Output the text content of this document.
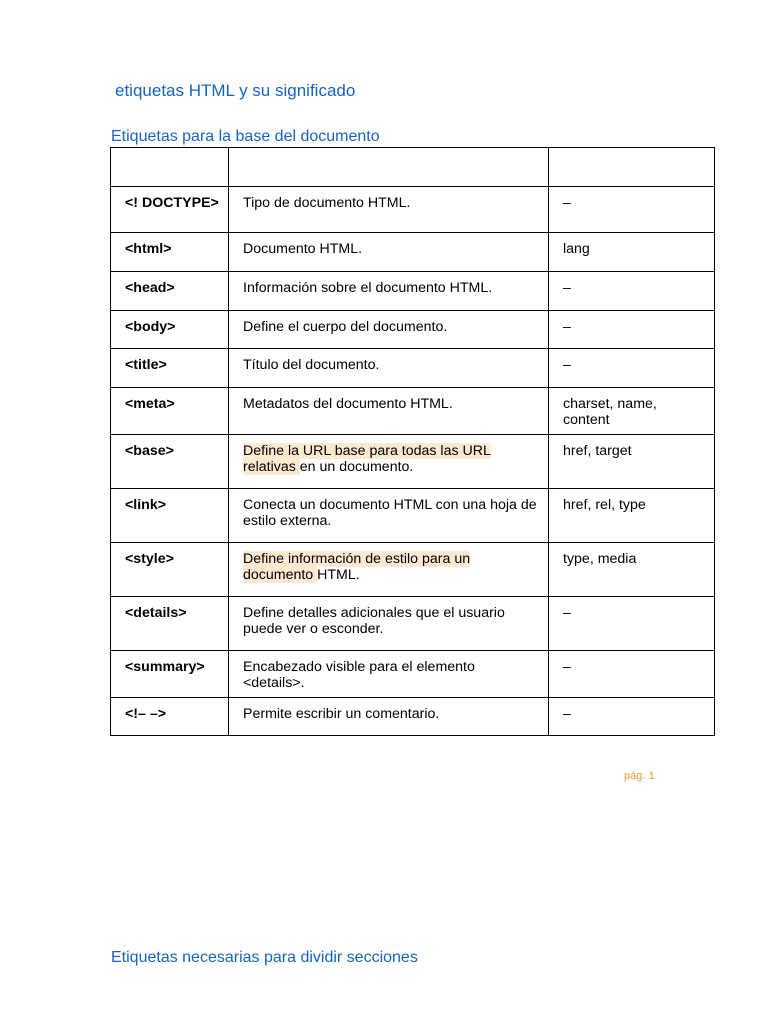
etiquetas HTML y su significado
Etiquetas para la base del documento

<! DOCTYPE>	Tipo de documento HTML.	–
<html>	Documento HTML.	lang
<head>	Información sobre el documento HTML.	–
<body>	Define el cuerpo del documento.	–
<title>	Título del documento.	–
<meta>	Metadatos del documento HTML.	charset, name, content
<base>	Define la URL base para todas las URL relativas en un documento.	href, target
<link>	Conecta un documento HTML con una hoja de estilo externa.	href, rel, type
<style>	Define información de estilo para un documento HTML.	type, media
<details>	Define detalles adicionales que el usuario puede ver o esconder.	–
<summary>	Encabezado visible para el elemento <details>.	–
<!– –>	Permite escribir un comentario.	–
pág. 1
Etiquetas necesarias para dividir secciones
